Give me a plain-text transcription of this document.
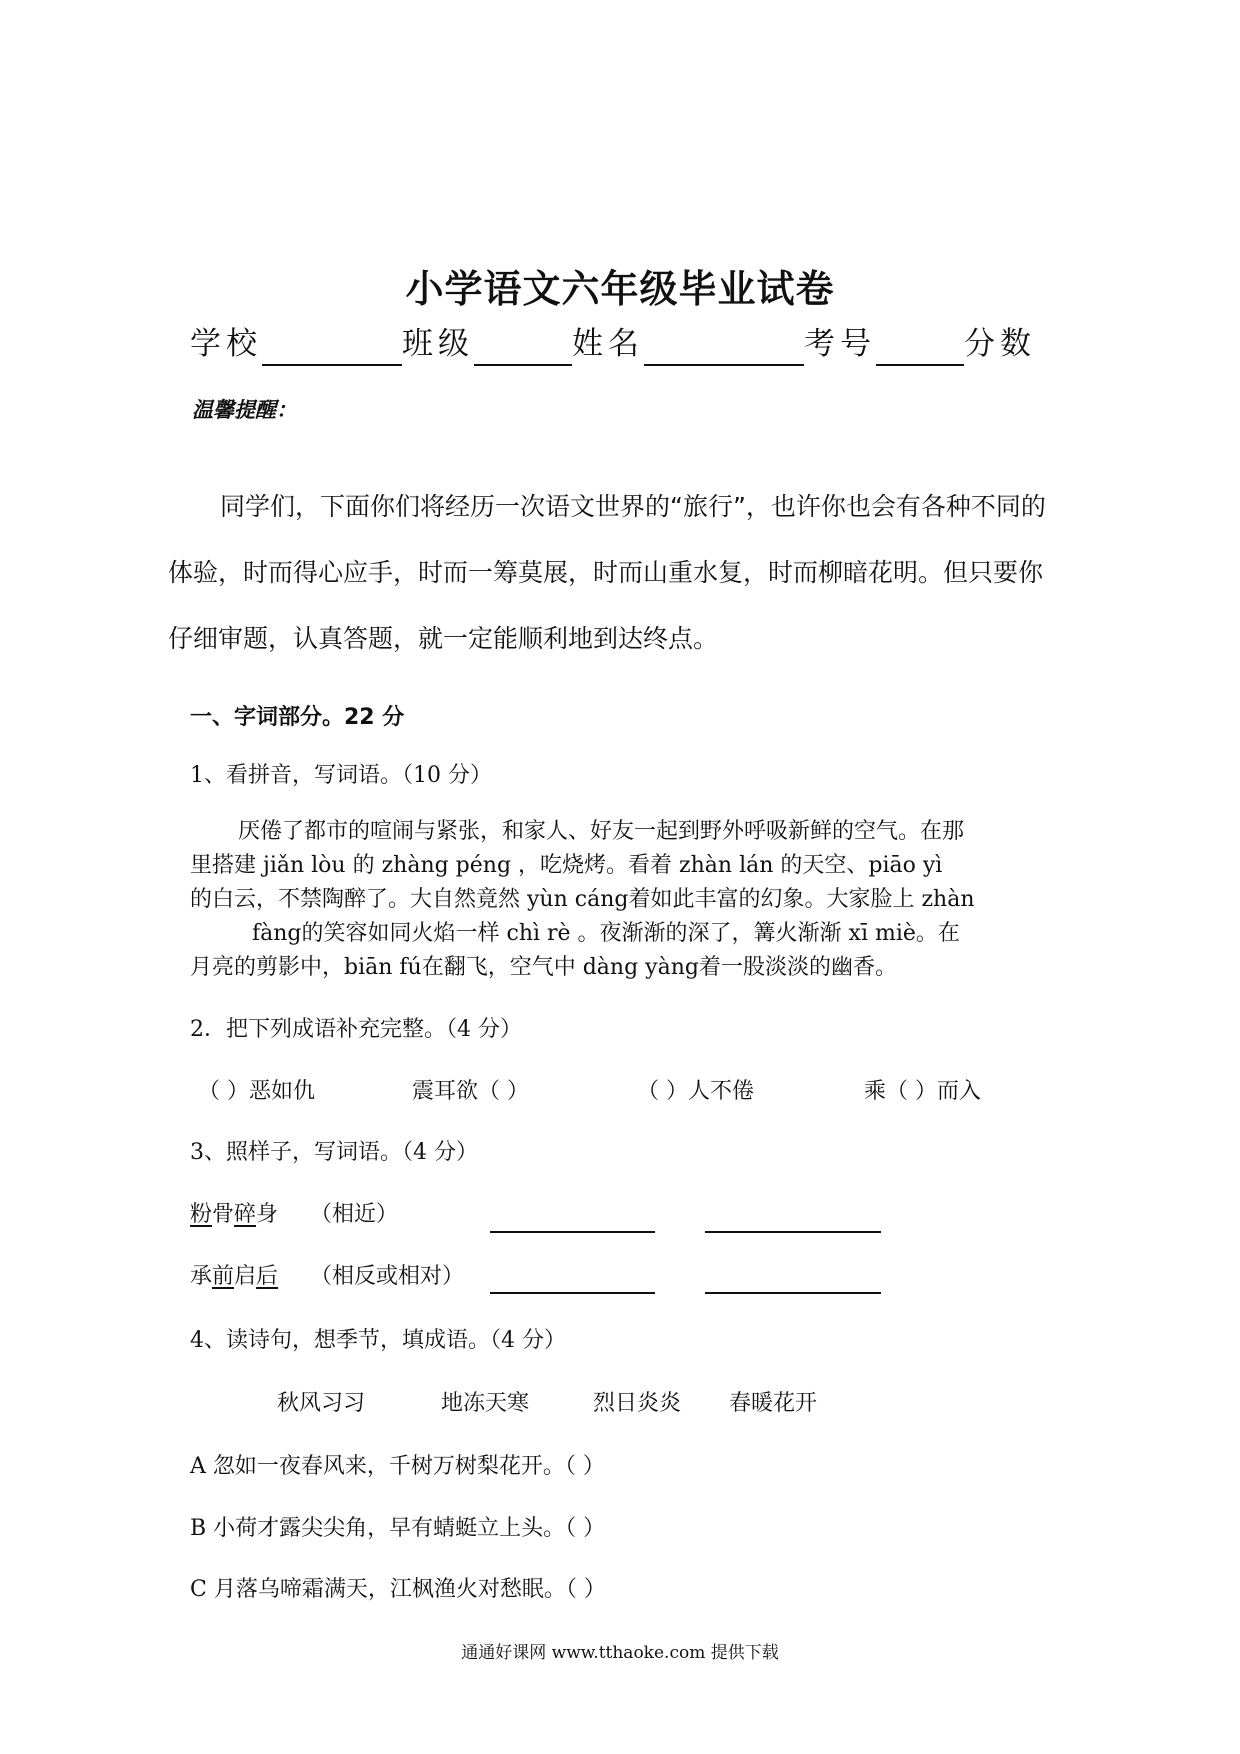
小学语文六年级毕业试卷
学校	班级	姓名	考号	分数
温馨提醒：
同学们，下面你们将经历一次语文世界的“旅行”，也许你也会有各种不同的
体验，时而得心应手，时而一筹莫展，时而山重水复，时而柳暗花明。但只要你
仔细审题，认真答题，就一定能顺利地到达终点。
一、字词部分。22 分
1、看拼音，写词语。（10 分）
厌倦了都市的喧闹与紧张，和家人、好友一起到野外呼吸新鲜的空气。在那
里搭建 jiǎn lòu 的 zhàng péng ，吃烧烤。看着 zhàn lán 的天空、piāo yì
的白云，不禁陶醉了。大自然竟然 yùn cáng着如此丰富的幻象。大家脸上 zhàn
fàng的笑容如同火焰一样 chì rè 。夜渐渐的深了，篝火渐渐 xī miè。在
月亮的剪影中，biān fú在翻飞，空气中 dàng yàng着一股淡淡的幽香。
2．把下列成语补充完整。（4 分）
（ ）恶如仇	震耳欲（ ）	（ ）人不倦	乘（ ）而入
3、照样子，写词语。（4 分）
粉骨碎身 （相近）
承前启后 （相反或相对）
4、读诗句，想季节，填成语。（4 分）
秋风习习	地冻天寒	烈日炎炎 春暖花开
A 忽如一夜春风来，千树万树梨花开。（ ）
B 小荷才露尖尖角，早有蜻蜓立上头。（ ）
C 月落乌啼霜满天，江枫渔火对愁眠。（ ）
通通好课网 www.tthaoke.com 提供下载
